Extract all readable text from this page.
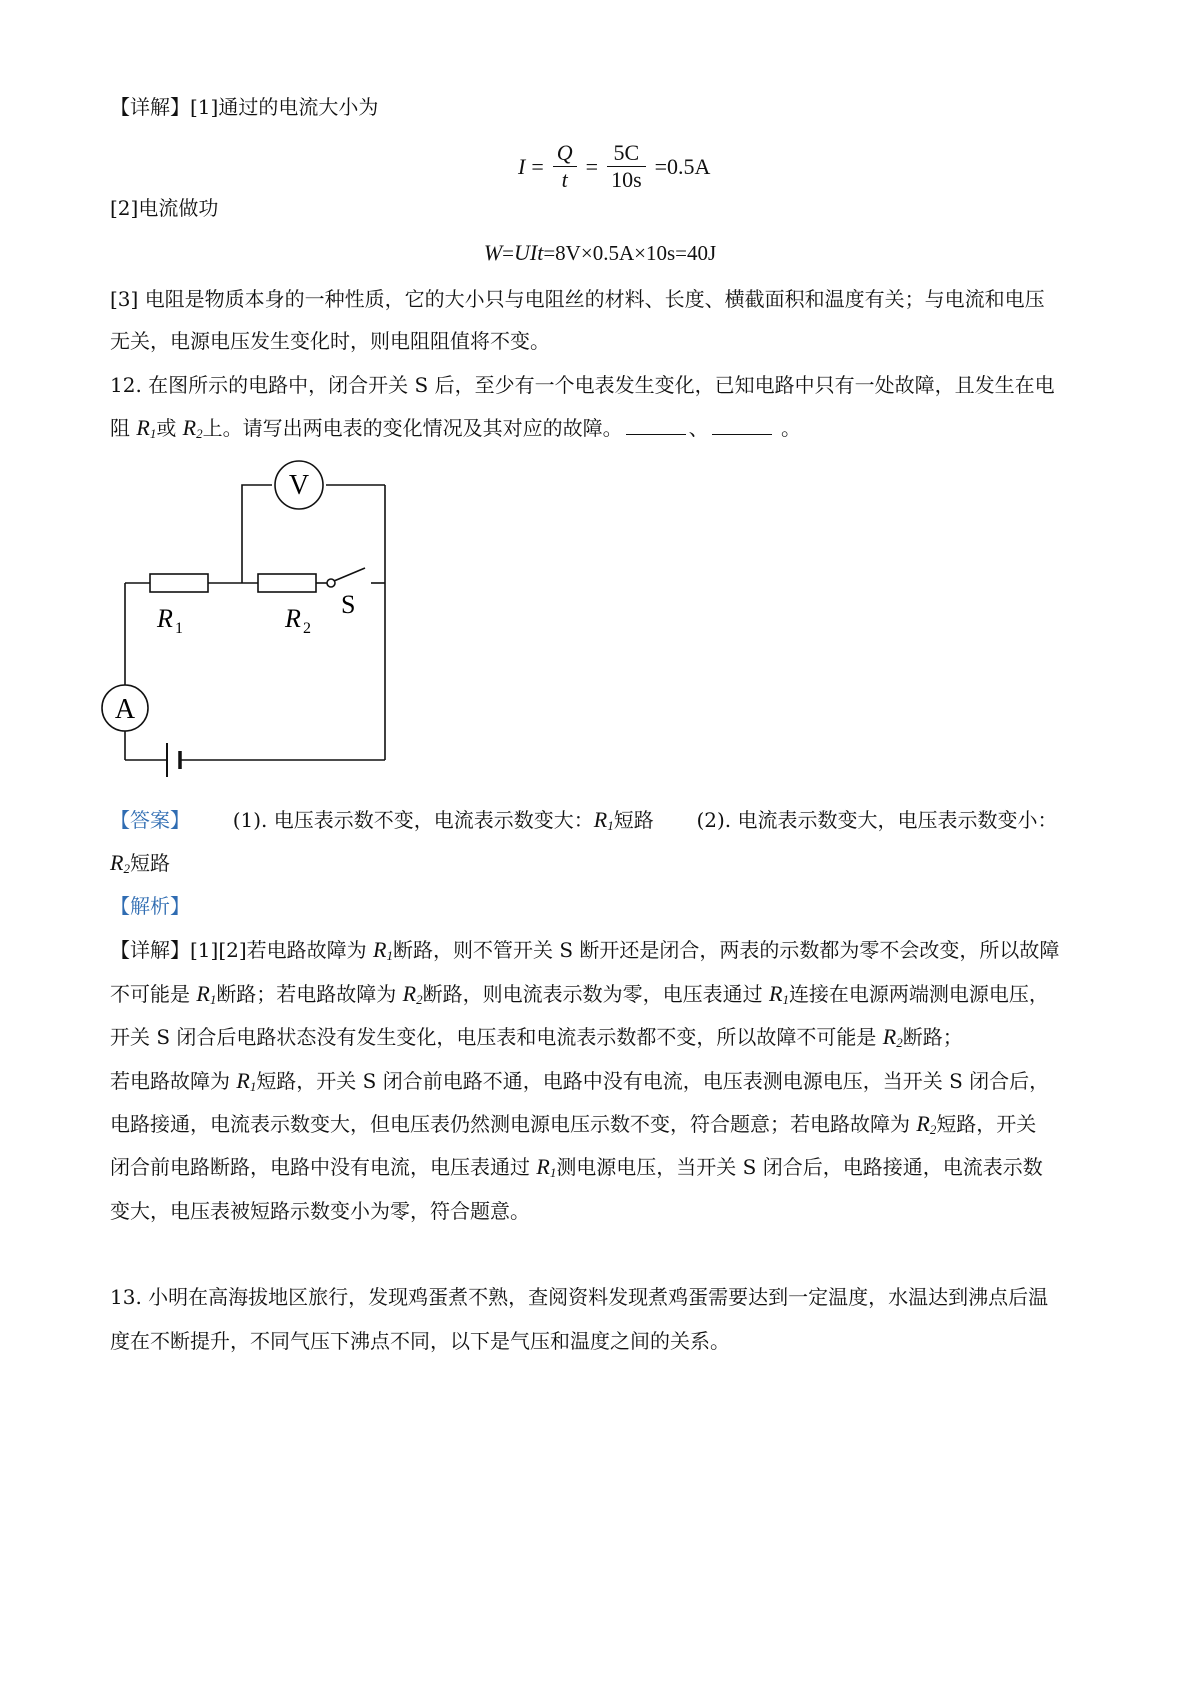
【详解】[1]通过的电流大小为
$I = \frac{Q}{t} = \frac{5C}{10s} =0.5A$
[2]电流做功
W=UIt=8V×0.5A×10s=40J
[3] 电阻是物质本身的一种性质，它的大小只与电阻丝的材料、长度、横截面积和温度有关；与电流和电压
无关，电源电压发生变化时，则电阻阻值将不变。
12. 在图所示的电路中，闭合开关 S 后，至少有一个电表发生变化，已知电路中只有一处故障，且发生在电
阻 $R_1$或 $R_2$上。请写出两电表的变化情况及其对应的故障。	、	。
V
A
R 1	R 2
S
【答案】 (1). 电压表示数不变，电流表示数变大：$R_1$短路 (2). 电流表示数变大，电压表示数变小：
$R_2$短路
【解析】
【详解】[1][2]若电路故障为 $R_1$断路，则不管开关 S 断开还是闭合，两表的示数都为零不会改变，所以故障
不可能是 $R_1$断路；若电路故障为 $R_2$断路，则电流表示数为零，电压表通过 $R_1$连接在电源两端测电源电压，
开关 S 闭合后电路状态没有发生变化，电压表和电流表示数都不变，所以故障不可能是 $R_2$断路；
若电路故障为 $R_1$短路，开关 S 闭合前电路不通，电路中没有电流，电压表测电源电压，当开关 S 闭合后，
电路接通，电流表示数变大，但电压表仍然测电源电压示数不变，符合题意；若电路故障为 $R_2$短路，开关
闭合前电路断路，电路中没有电流，电压表通过 $R_1$测电源电压，当开关 S 闭合后，电路接通，电流表示数
变大，电压表被短路示数变小为零，符合题意。
13. 小明在高海拔地区旅行，发现鸡蛋煮不熟，查阅资料发现煮鸡蛋需要达到一定温度，水温达到沸点后温
度在不断提升，不同气压下沸点不同，以下是气压和温度之间的关系。
